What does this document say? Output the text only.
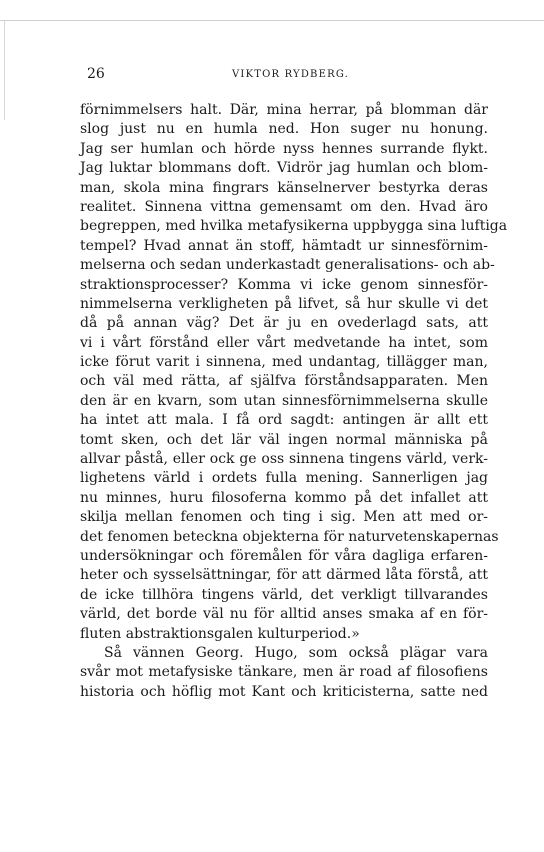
26	VIKTOR RYDBERG.
förnimmelsers halt. Där, mina herrar, på blomman där
slog just nu en humla ned. Hon suger nu honung.
Jag ser humlan och hörde nyss hennes surrande flykt.
Jag luktar blommans doft. Vidrör jag humlan och blom-
man, skola mina fingrars känselnerver bestyrka deras
realitet. Sinnena vittna gemensamt om den. Hvad äro
begreppen, med hvilka metafysikerna uppbygga sina luftiga
tempel? Hvad annat än stoff, hämtadt ur sinnesförnim-
melserna och sedan underkastadt generalisations- och ab-
straktionsprocesser? Komma vi icke genom sinnesför-
nimmelserna verkligheten på lifvet, så hur skulle vi det
då på annan väg? Det är ju en ovederlagd sats, att
vi i vårt förstånd eller vårt medvetande ha intet, som
icke förut varit i sinnena, med undantag, tillägger man,
och väl med rätta, af själfva förståndsapparaten. Men
den är en kvarn, som utan sinnesförnimmelserna skulle
ha intet att mala. I få ord sagdt: antingen är allt ett
tomt sken, och det lär väl ingen normal människa på
allvar påstå, eller ock ge oss sinnena tingens värld, verk-
lighetens värld i ordets fulla mening. Sannerligen jag
nu minnes, huru filosoferna kommo på det infallet att
skilja mellan fenomen och ting i sig. Men att med or-
det fenomen beteckna objekterna för naturvetenskapernas
undersökningar och föremålen för våra dagliga erfaren-
heter och sysselsättningar, för att därmed låta förstå, att
de icke tillhöra tingens värld, det verkligt tillvarandes
värld, det borde väl nu för alltid anses smaka af en för-
fluten abstraktionsgalen kulturperiod.»
Så vännen Georg. Hugo, som också plägar vara
svår mot metafysiske tänkare, men är road af filosofiens
historia och höflig mot Kant och kriticisterna, satte ned
